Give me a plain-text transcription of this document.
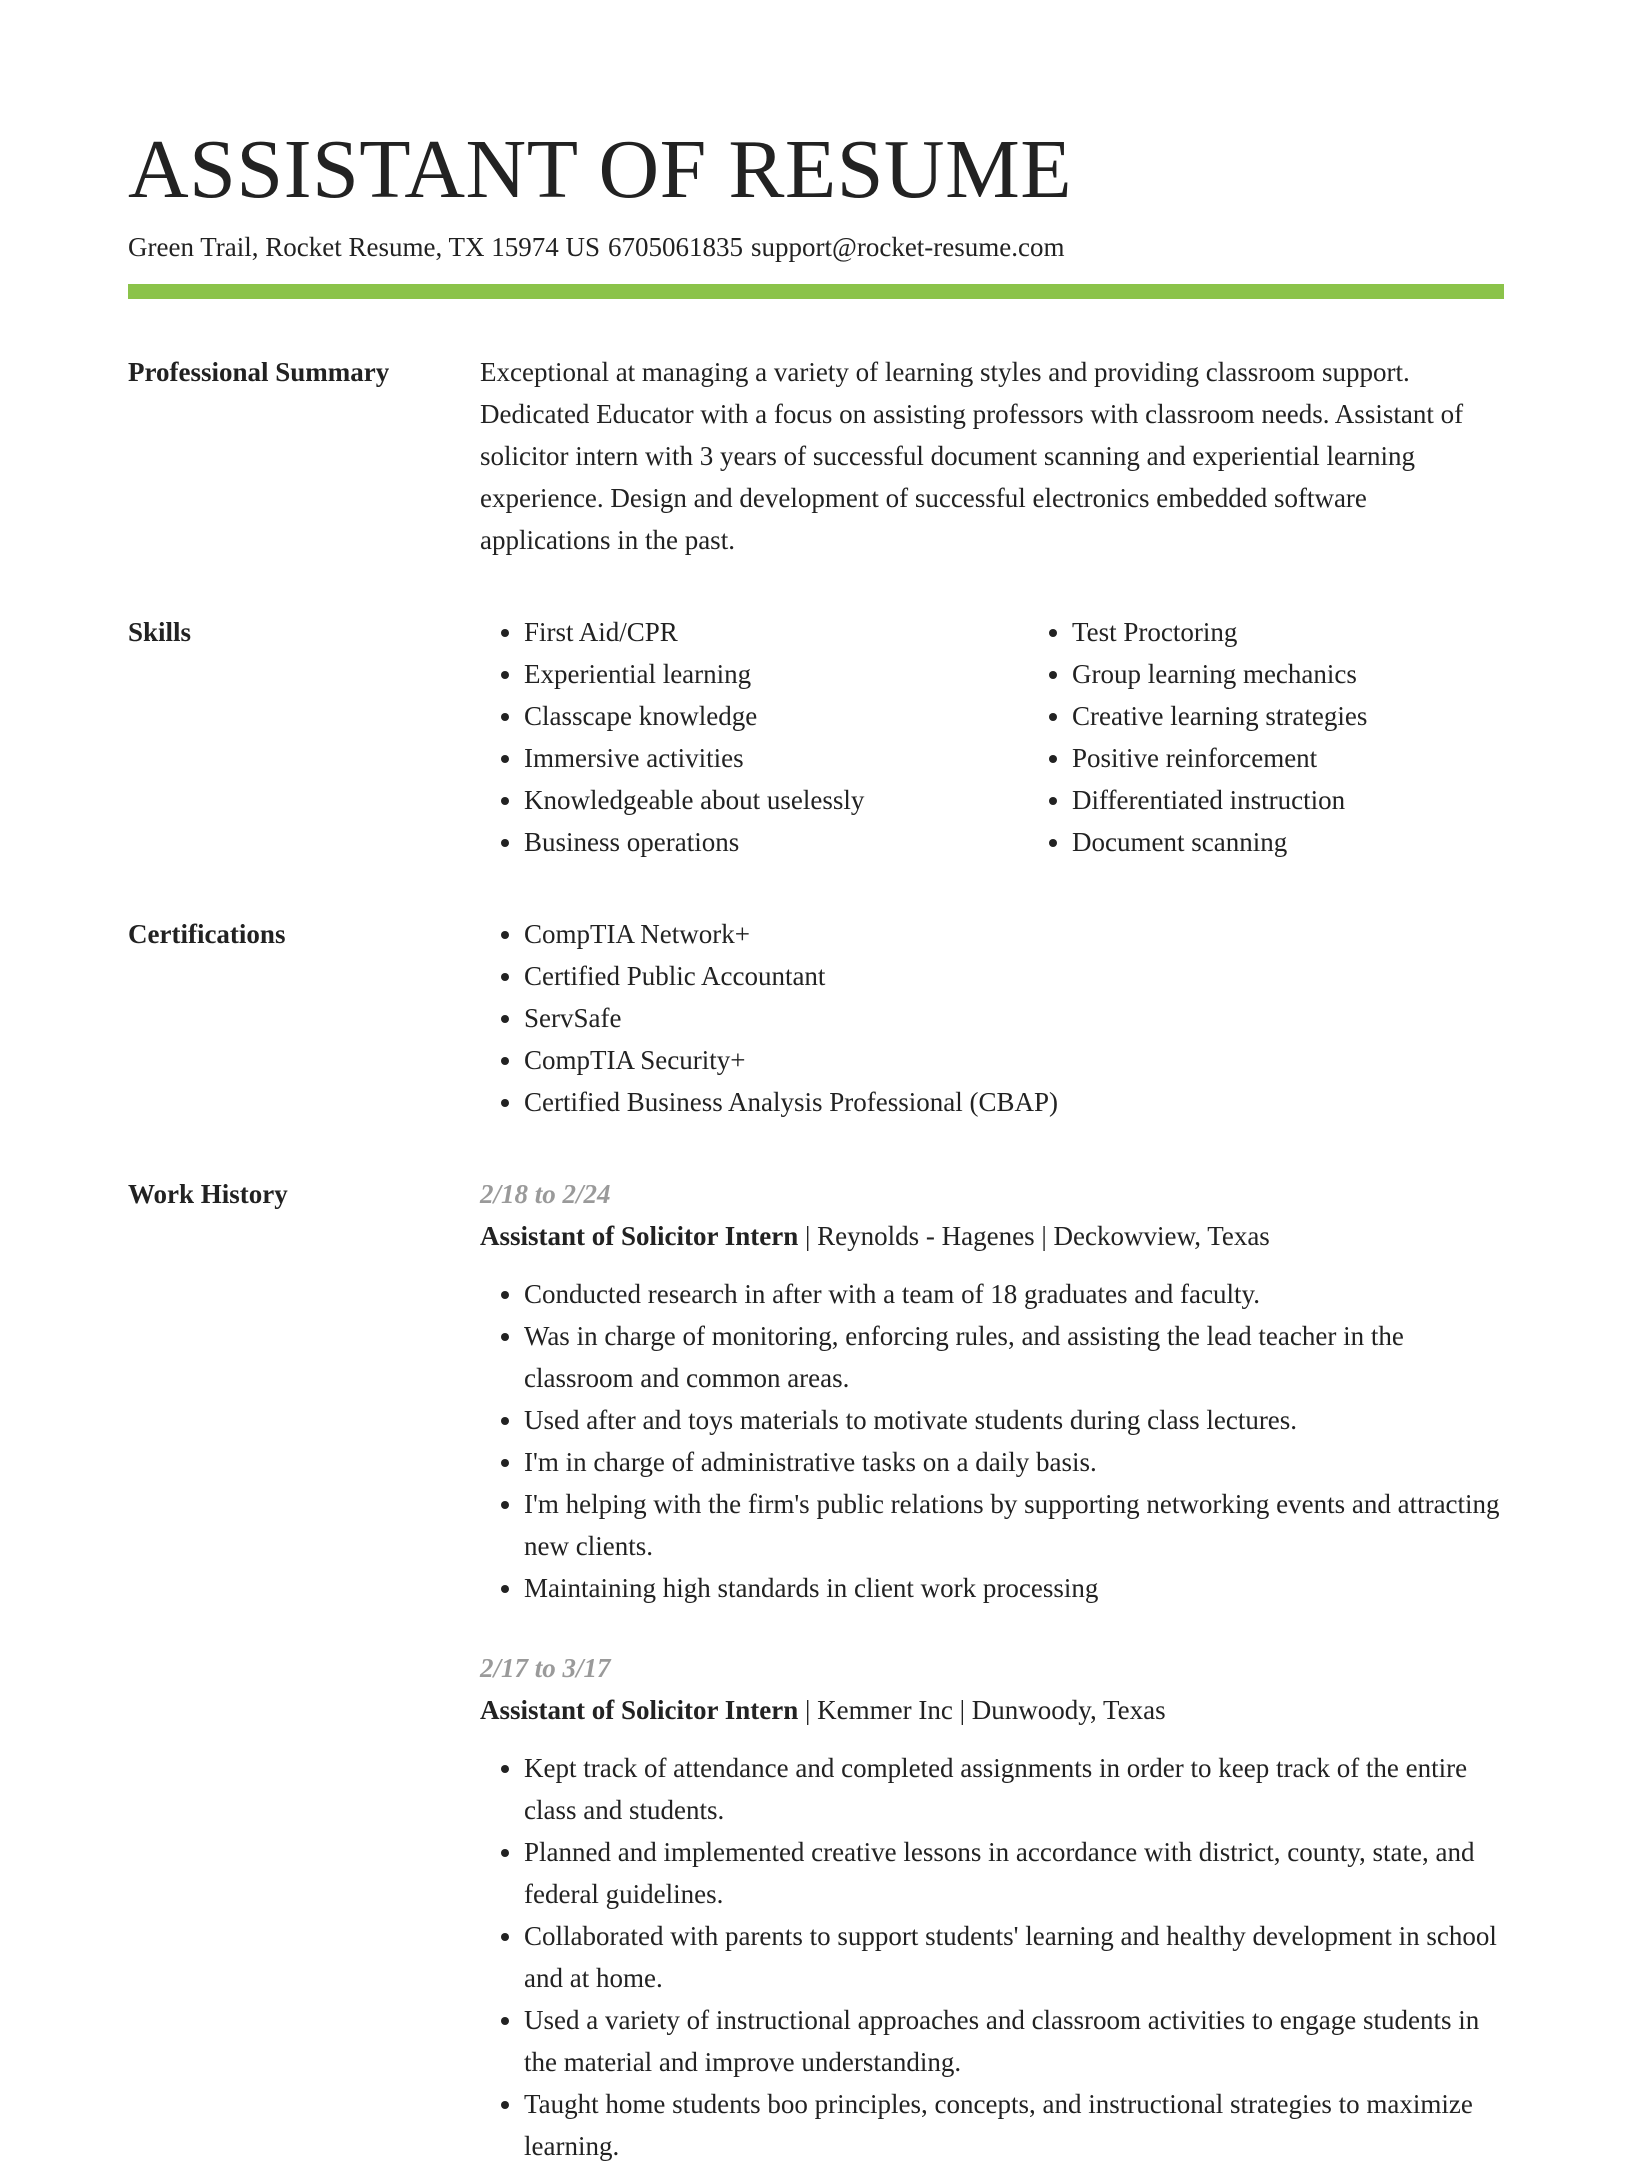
ASSISTANT OF RESUME
Green Trail, Rocket Resume, TX 15974 US 6705061835 support@rocket-resume.com
Professional Summary	Exceptional at managing a variety of learning styles and providing classroom support. Dedicated Educator with a focus on assisting professors with classroom needs. Assistant of solicitor intern with 3 years of successful document scanning and experiential learning experience. Design and development of successful electronics embedded software applications in the past.

Skills	• First Aid/CPR
• Experiential learning
• Classcape knowledge
• Immersive activities
• Knowledgeable about uselessly
• Business operations
• Test Proctoring
• Group learning mechanics
• Creative learning strategies
• Positive reinforcement
• Differentiated instruction
• Document scanning
Certifications	• CompTIA Network+
• Certified Public Accountant
• ServSafe
• CompTIA Security+
• Certified Business Analysis Professional (CBAP)
Work History	2/18 to 2/24
Assistant of Solicitor Intern | Reynolds - Hagenes | Deckowview, Texas
• Conducted research in after with a team of 18 graduates and faculty.
• Was in charge of monitoring, enforcing rules, and assisting the lead teacher in the classroom and common areas.
• Used after and toys materials to motivate students during class lectures.
• I'm in charge of administrative tasks on a daily basis.
• I'm helping with the firm's public relations by supporting networking events and attracting new clients.
• Maintaining high standards in client work processing
2/17 to 3/17
Assistant of Solicitor Intern | Kemmer Inc | Dunwoody, Texas
• Kept track of attendance and completed assignments in order to keep track of the entire class and students.
• Planned and implemented creative lessons in accordance with district, county, state, and federal guidelines.
• Collaborated with parents to support students' learning and healthy development in school and at home.
• Used a variety of instructional approaches and classroom activities to engage students in the material and improve understanding.
• Taught home students boo principles, concepts, and instructional strategies to maximize learning.
